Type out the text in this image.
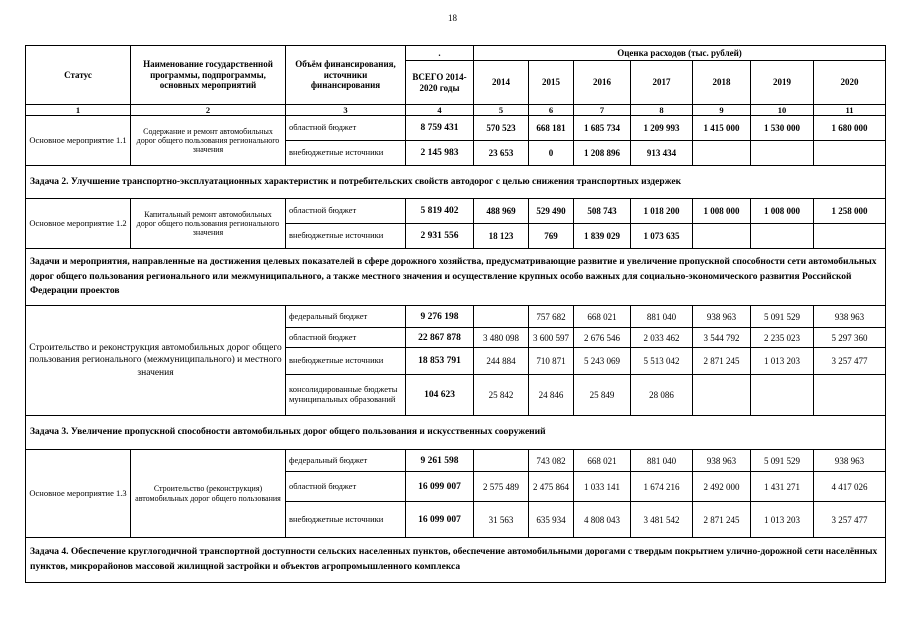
18
Статус	Наименование государственной программы, подпрограммы, основных мероприятий	Объём финансирования, источники финансирования	.	Оценка расходов (тыс. рублей)						
			ВСЕГО 2014-2020 годы	2014	2015	2016	2017	2018	2019	2020
1	2	3	4	5	6	7	8	9	10	11
Основное мероприятие 1.1	Содержание и ремонт автомобильных дорог общего пользования регионального значения	областной бюджет	8 759 431	570 523	668 181	1 685 734	1 209 993	1 415 000	1 530 000	1 680 000
		внебюджетные источники	2 145 983	23 653	0	1 208 896	913 434			
Задача 2. Улучшение транспортно-эксплуатационных характеристик и потребительских свойств автодорог с целью снижения транспортных издержек										
Основное мероприятие 1.2	Капитальный ремонт автомобильных дорог общего пользования регионального значения	областной бюджет	5 819 402	488 969	529 490	508 743	1 018 200	1 008 000	1 008 000	1 258 000
		внебюджетные источники	2 931 556	18 123	769	1 839 029	1 073 635			
Задачи и мероприятия, направленные на достижения целевых показателей в сфере дорожного хозяйства, предусматривающие развитие и увеличение пропускной способности сети автомобильных дорог общего пользования регионального или межмуниципального, а также местного значения и осуществление крупных особо важных для социально-экономического развития Российской Федерации проектов										
Строительство и реконструкция автомобильных дорог общего пользования регионального (межмуниципального) и местного значения		федеральный бюджет	9 276 198		757 682	668 021	881 040	938 963	5 091 529	938 963
		областной бюджет	22 867 878	3 480 098	3 600 597	2 676 546	2 033 462	3 544 792	2 235 023	5 297 360
		внебюджетные источники	18 853 791	244 884	710 871	5 243 069	5 513 042	2 871 245	1 013 203	3 257 477
		консолидированные бюджеты муниципальных образований	104 623	25 842	24 846	25 849	28 086			
Задача 3. Увеличение пропускной способности автомобильных дорог общего пользования и искусственных сооружений										
Основное мероприятие 1.3	Строительство (реконструкция) автомобильных дорог общего пользования	федеральный бюджет	9 261 598		743 082	668 021	881 040	938 963	5 091 529	938 963
		областной бюджет	16 099 007	2 575 489	2 475 864	1 033 141	1 674 216	2 492 000	1 431 271	4 417 026
		внебюджетные источники	16 099 007	31 563	635 934	4 808 043	3 481 542	2 871 245	1 013 203	3 257 477
Задача 4. Обеспечение круглогодичной транспортной доступности сельских населенных пунктов, обеспечение автомобильными дорогами с твердым покрытием улично-дорожной сети населённых пунктов, микрорайонов массовой жилищной застройки и объектов агропромышленного комплекса										
